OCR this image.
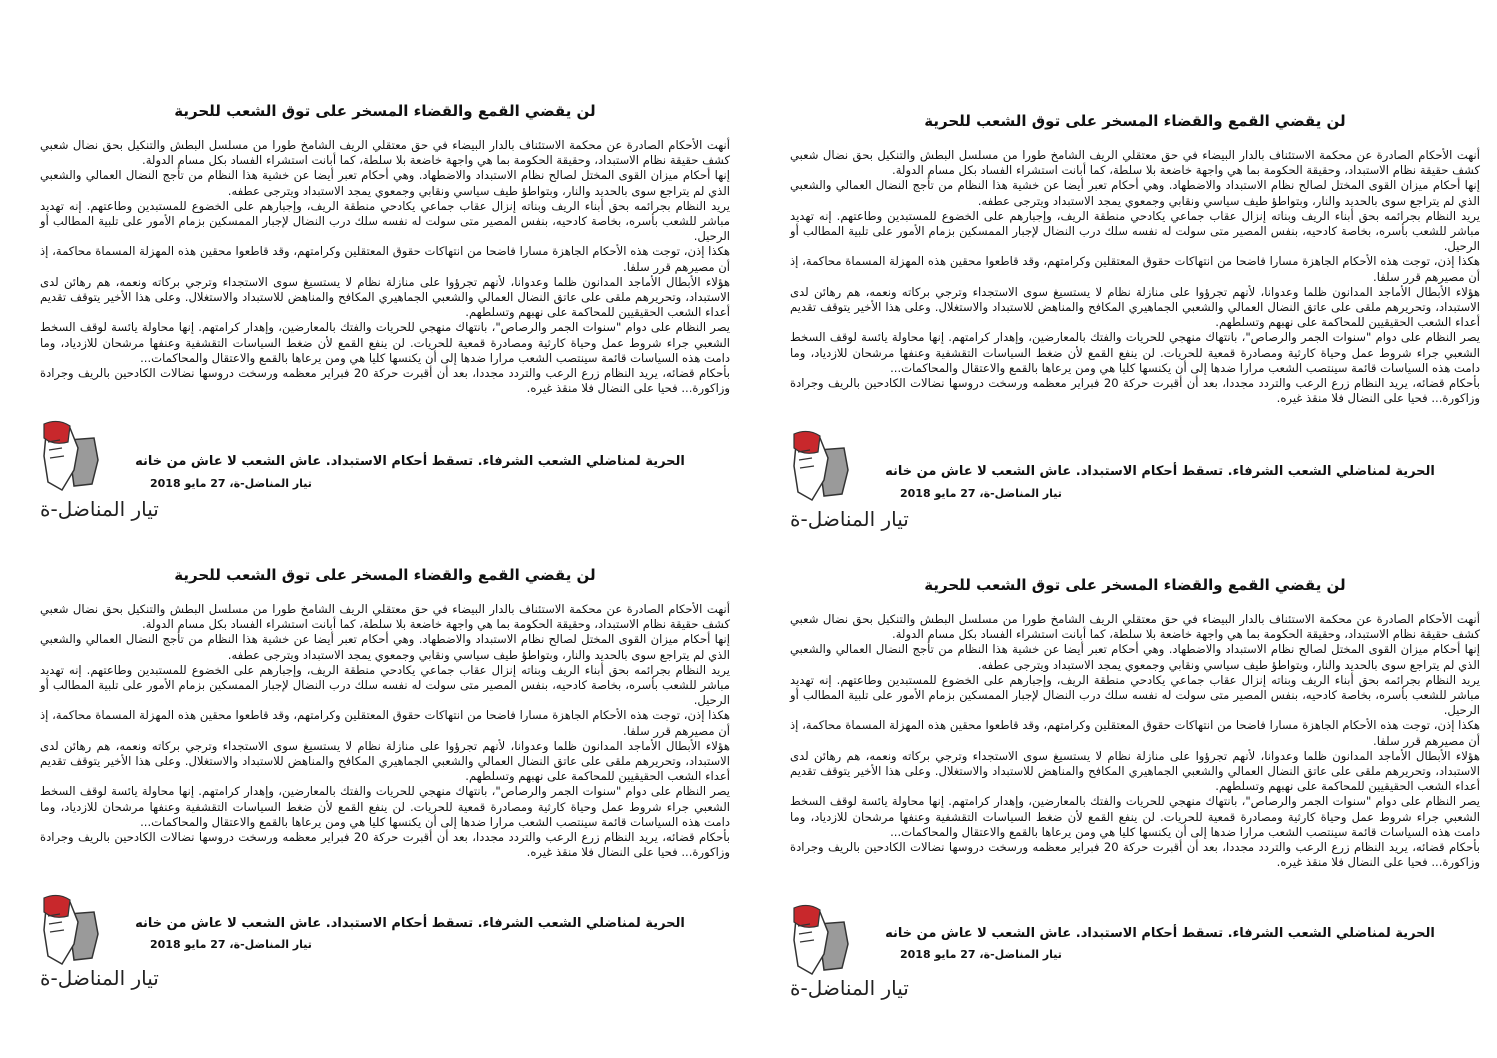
لن يقضي القمع والقضاء المسخر على توق الشعب للحرية

أنهت الأحكام الصادرة عن محكمة الاستئناف بالدار البيضاء في حق معتقلي الريف الشامخ طورا من مسلسل البطش والتنكيل بحق نضال شعبي كشف حقيقة نظام الاستبداد، وحقيقة الحكومة بما هي واجهة خاضعة بلا سلطة، كما أبانت استشراء الفساد بكل مسام الدولة.

إنها أحكام ميزان القوى المختل لصالح نظام الاستبداد والاضطهاد. وهي أحكام تعبر أيضا عن خشية هذا النظام من تأجج النضال العمالي والشعبي الذي لم يتراجع سوى بالحديد والنار، وبتواطؤ طيف سياسي ونقابي وجمعوي يمجد الاستبداد ويترجى عطفه.

يريد النظام بجرائمه بحق أبناء الريف وبناته إنزال عقاب جماعي يكادحي منطقة الريف، وإجبارهم على الخضوع للمستبدين وطاعتهم. إنه تهديد مباشر للشعب بأسره، بخاصة كادحيه، بنفس المصير متى سولت له نفسه سلك درب النضال لإجبار الممسكين بزمام الأمور على تلبية المطالب أو الرحيل.

هكذا إذن، توجت هذه الأحكام الجاهزة مسارا فاضحا من انتهاكات حقوق المعتقلين وكرامتهم، وقد قاطعوا محقين هذه المهزلة المسماة محاكمة، إذ أن مصيرهم قرر سلفا.

هؤلاء الأبطال الأماجد المدانون ظلما وعدوانا، لأنهم تجرؤوا على منازلة نظام لا يستسيغ سوى الاستجداء وترجي بركاته ونعمه، هم رهائن لدى الاستبداد، وتحريرهم ملقى على عاتق النضال العمالي والشعبي الجماهيري المكافح والمناهض للاستبداد والاستغلال. وعلى هذا الأخير يتوقف تقديم أعداء الشعب الحقيقيين للمحاكمة على نهبهم وتسلطهم.

يصر النظام على دوام "سنوات الجمر والرصاص"، بانتهاك منهجي للحريات والفتك بالمعارضين، وإهدار كرامتهم. إنها محاولة يائسة لوقف السخط الشعبي جراء شروط عمل وحياة كارثية ومصادرة قمعية للحريات. لن ينفع القمع لأن ضغط السياسات التقشفية وعنفها مرشحان للازدياد، وما دامت هذه السياسات قائمة سينتصب الشعب مرارا ضدها إلى أن يكنسها كليا هي ومن يرعاها بالقمع والاعتقال والمحاكمات...

بأحكام قضائه، يريد النظام زرع الرعب والتردد مجددا، بعد أن أقبرت حركة 20 فبراير معظمه ورسخت دروسها نضالات الكادحين بالريف وجرادة وزاكورة... فحيا على النضال فلا منقذ غيره.

الحرية لمناضلي الشعب الشرفاء. تسقط أحكام الاستبداد. عاش الشعب لا عاش من خانه
تيار المناضل-ة، 27 مايو 2018
تيار المناضل-ة
لن يقضي القمع والقضاء المسخر على توق الشعب للحرية

أنهت الأحكام الصادرة عن محكمة الاستئناف بالدار البيضاء في حق معتقلي الريف الشامخ طورا من مسلسل البطش والتنكيل بحق نضال شعبي كشف حقيقة نظام الاستبداد، وحقيقة الحكومة بما هي واجهة خاضعة بلا سلطة، كما أبانت استشراء الفساد بكل مسام الدولة.

إنها أحكام ميزان القوى المختل لصالح نظام الاستبداد والاضطهاد. وهي أحكام تعبر أيضا عن خشية هذا النظام من تأجج النضال العمالي والشعبي الذي لم يتراجع سوى بالحديد والنار، وبتواطؤ طيف سياسي ونقابي وجمعوي يمجد الاستبداد ويترجى عطفه.

يريد النظام بجرائمه بحق أبناء الريف وبناته إنزال عقاب جماعي يكادحي منطقة الريف، وإجبارهم على الخضوع للمستبدين وطاعتهم. إنه تهديد مباشر للشعب بأسره، بخاصة كادحيه، بنفس المصير متى سولت له نفسه سلك درب النضال لإجبار الممسكين بزمام الأمور على تلبية المطالب أو الرحيل.

هكذا إذن، توجت هذه الأحكام الجاهزة مسارا فاضحا من انتهاكات حقوق المعتقلين وكرامتهم، وقد قاطعوا محقين هذه المهزلة المسماة محاكمة، إذ أن مصيرهم قرر سلفا.

هؤلاء الأبطال الأماجد المدانون ظلما وعدوانا، لأنهم تجرؤوا على منازلة نظام لا يستسيغ سوى الاستجداء وترجي بركاته ونعمه، هم رهائن لدى الاستبداد، وتحريرهم ملقى على عاتق النضال العمالي والشعبي الجماهيري المكافح والمناهض للاستبداد والاستغلال. وعلى هذا الأخير يتوقف تقديم أعداء الشعب الحقيقيين للمحاكمة على نهبهم وتسلطهم.

يصر النظام على دوام "سنوات الجمر والرصاص"، بانتهاك منهجي للحريات والفتك بالمعارضين، وإهدار كرامتهم. إنها محاولة يائسة لوقف السخط الشعبي جراء شروط عمل وحياة كارثية ومصادرة قمعية للحريات. لن ينفع القمع لأن ضغط السياسات التقشفية وعنفها مرشحان للازدياد، وما دامت هذه السياسات قائمة سينتصب الشعب مرارا ضدها إلى أن يكنسها كليا هي ومن يرعاها بالقمع والاعتقال والمحاكمات...

بأحكام قضائه، يريد النظام زرع الرعب والتردد مجددا، بعد أن أقبرت حركة 20 فبراير معظمه ورسخت دروسها نضالات الكادحين بالريف وجرادة وزاكورة... فحيا على النضال فلا منقذ غيره.

الحرية لمناضلي الشعب الشرفاء. تسقط أحكام الاستبداد. عاش الشعب لا عاش من خانه
تيار المناضل-ة، 27 مايو 2018
تيار المناضل-ة
لن يقضي القمع والقضاء المسخر على توق الشعب للحرية

أنهت الأحكام الصادرة عن محكمة الاستئناف بالدار البيضاء في حق معتقلي الريف الشامخ طورا من مسلسل البطش والتنكيل بحق نضال شعبي كشف حقيقة نظام الاستبداد، وحقيقة الحكومة بما هي واجهة خاضعة بلا سلطة، كما أبانت استشراء الفساد بكل مسام الدولة.

إنها أحكام ميزان القوى المختل لصالح نظام الاستبداد والاضطهاد. وهي أحكام تعبر أيضا عن خشية هذا النظام من تأجج النضال العمالي والشعبي الذي لم يتراجع سوى بالحديد والنار، وبتواطؤ طيف سياسي ونقابي وجمعوي يمجد الاستبداد ويترجى عطفه.

يريد النظام بجرائمه بحق أبناء الريف وبناته إنزال عقاب جماعي يكادحي منطقة الريف، وإجبارهم على الخضوع للمستبدين وطاعتهم. إنه تهديد مباشر للشعب بأسره، بخاصة كادحيه، بنفس المصير متى سولت له نفسه سلك درب النضال لإجبار الممسكين بزمام الأمور على تلبية المطالب أو الرحيل.

هكذا إذن، توجت هذه الأحكام الجاهزة مسارا فاضحا من انتهاكات حقوق المعتقلين وكرامتهم، وقد قاطعوا محقين هذه المهزلة المسماة محاكمة، إذ أن مصيرهم قرر سلفا.

هؤلاء الأبطال الأماجد المدانون ظلما وعدوانا، لأنهم تجرؤوا على منازلة نظام لا يستسيغ سوى الاستجداء وترجي بركاته ونعمه، هم رهائن لدى الاستبداد، وتحريرهم ملقى على عاتق النضال العمالي والشعبي الجماهيري المكافح والمناهض للاستبداد والاستغلال. وعلى هذا الأخير يتوقف تقديم أعداء الشعب الحقيقيين للمحاكمة على نهبهم وتسلطهم.

يصر النظام على دوام "سنوات الجمر والرصاص"، بانتهاك منهجي للحريات والفتك بالمعارضين، وإهدار كرامتهم. إنها محاولة يائسة لوقف السخط الشعبي جراء شروط عمل وحياة كارثية ومصادرة قمعية للحريات. لن ينفع القمع لأن ضغط السياسات التقشفية وعنفها مرشحان للازدياد، وما دامت هذه السياسات قائمة سينتصب الشعب مرارا ضدها إلى أن يكنسها كليا هي ومن يرعاها بالقمع والاعتقال والمحاكمات...

بأحكام قضائه، يريد النظام زرع الرعب والتردد مجددا، بعد أن أقبرت حركة 20 فبراير معظمه ورسخت دروسها نضالات الكادحين بالريف وجرادة وزاكورة... فحيا على النضال فلا منقذ غيره.

الحرية لمناضلي الشعب الشرفاء. تسقط أحكام الاستبداد. عاش الشعب لا عاش من خانه
تيار المناضل-ة، 27 مايو 2018
تيار المناضل-ة
لن يقضي القمع والقضاء المسخر على توق الشعب للحرية

أنهت الأحكام الصادرة عن محكمة الاستئناف بالدار البيضاء في حق معتقلي الريف الشامخ طورا من مسلسل البطش والتنكيل بحق نضال شعبي كشف حقيقة نظام الاستبداد، وحقيقة الحكومة بما هي واجهة خاضعة بلا سلطة، كما أبانت استشراء الفساد بكل مسام الدولة.

إنها أحكام ميزان القوى المختل لصالح نظام الاستبداد والاضطهاد. وهي أحكام تعبر أيضا عن خشية هذا النظام من تأجج النضال العمالي والشعبي الذي لم يتراجع سوى بالحديد والنار، وبتواطؤ طيف سياسي ونقابي وجمعوي يمجد الاستبداد ويترجى عطفه.

يريد النظام بجرائمه بحق أبناء الريف وبناته إنزال عقاب جماعي يكادحي منطقة الريف، وإجبارهم على الخضوع للمستبدين وطاعتهم. إنه تهديد مباشر للشعب بأسره، بخاصة كادحيه، بنفس المصير متى سولت له نفسه سلك درب النضال لإجبار الممسكين بزمام الأمور على تلبية المطالب أو الرحيل.

هكذا إذن، توجت هذه الأحكام الجاهزة مسارا فاضحا من انتهاكات حقوق المعتقلين وكرامتهم، وقد قاطعوا محقين هذه المهزلة المسماة محاكمة، إذ أن مصيرهم قرر سلفا.

هؤلاء الأبطال الأماجد المدانون ظلما وعدوانا، لأنهم تجرؤوا على منازلة نظام لا يستسيغ سوى الاستجداء وترجي بركاته ونعمه، هم رهائن لدى الاستبداد، وتحريرهم ملقى على عاتق النضال العمالي والشعبي الجماهيري المكافح والمناهض للاستبداد والاستغلال. وعلى هذا الأخير يتوقف تقديم أعداء الشعب الحقيقيين للمحاكمة على نهبهم وتسلطهم.

يصر النظام على دوام "سنوات الجمر والرصاص"، بانتهاك منهجي للحريات والفتك بالمعارضين، وإهدار كرامتهم. إنها محاولة يائسة لوقف السخط الشعبي جراء شروط عمل وحياة كارثية ومصادرة قمعية للحريات. لن ينفع القمع لأن ضغط السياسات التقشفية وعنفها مرشحان للازدياد، وما دامت هذه السياسات قائمة سينتصب الشعب مرارا ضدها إلى أن يكنسها كليا هي ومن يرعاها بالقمع والاعتقال والمحاكمات...

بأحكام قضائه، يريد النظام زرع الرعب والتردد مجددا، بعد أن أقبرت حركة 20 فبراير معظمه ورسخت دروسها نضالات الكادحين بالريف وجرادة وزاكورة... فحيا على النضال فلا منقذ غيره.

الحرية لمناضلي الشعب الشرفاء. تسقط أحكام الاستبداد. عاش الشعب لا عاش من خانه
تيار المناضل-ة، 27 مايو 2018
تيار المناضل-ة
